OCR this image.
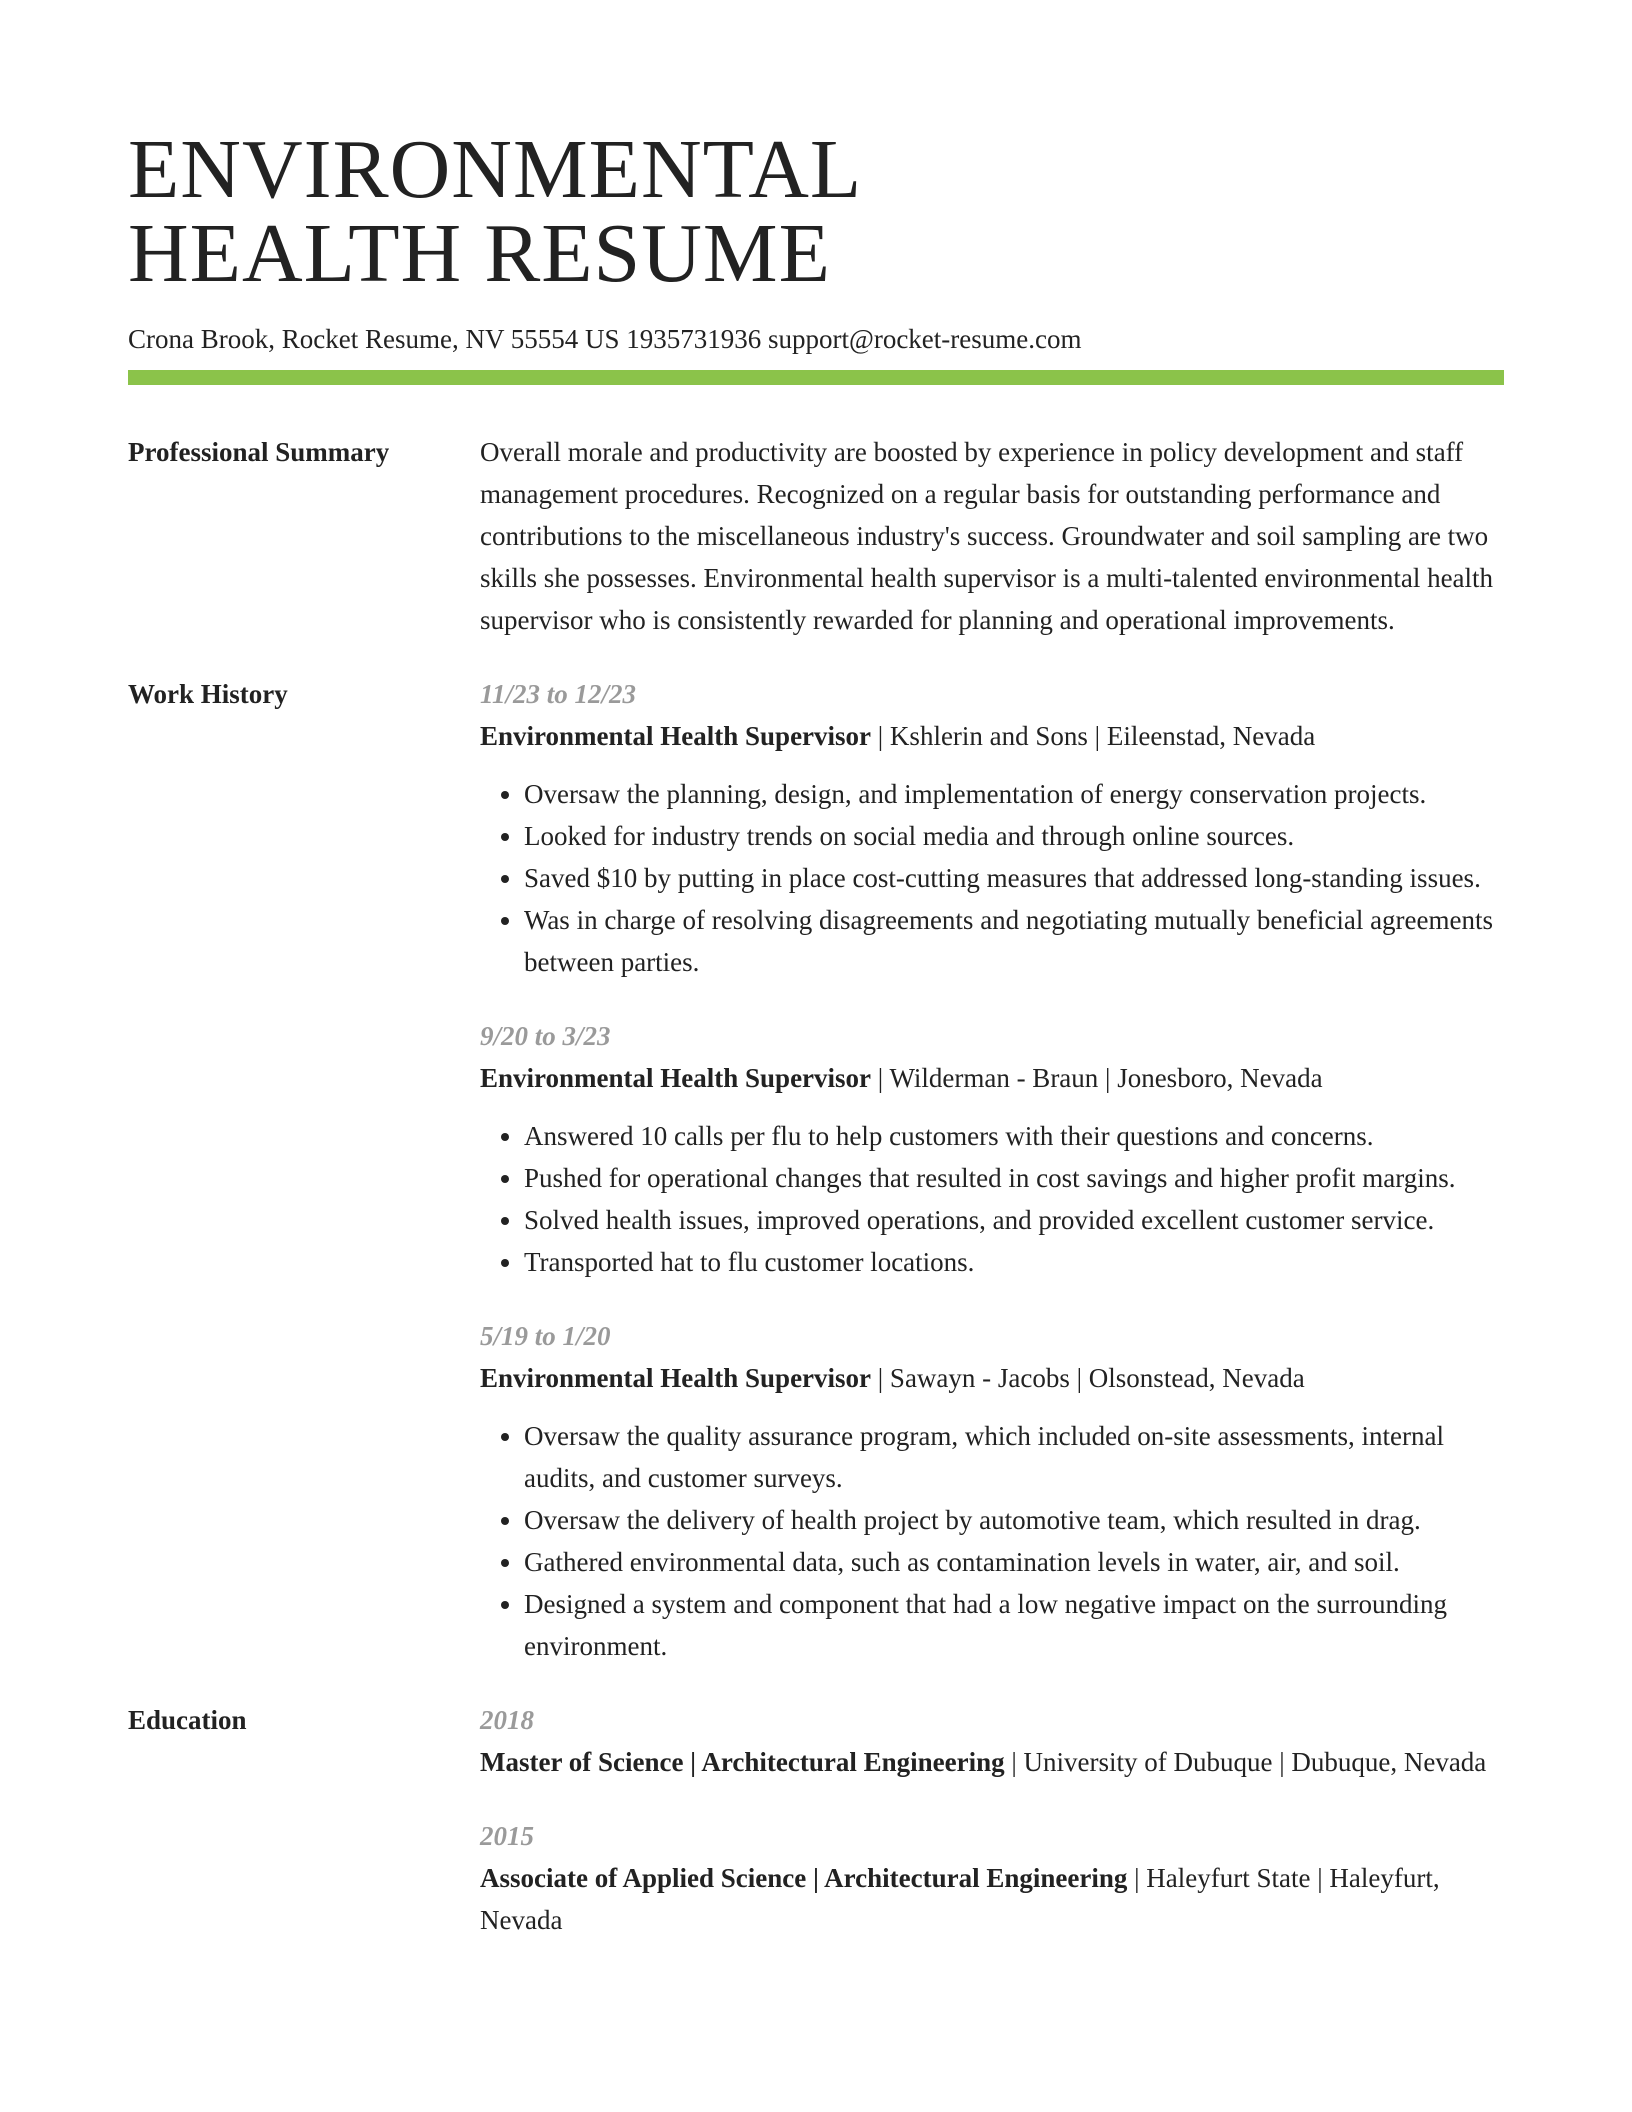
ENVIRONMENTAL
HEALTH RESUME
Crona Brook, Rocket Resume, NV 55554 US 1935731936 support@rocket-resume.com
Professional Summary	Overall morale and productivity are boosted by experience in policy development and staff management procedures. Recognized on a regular basis for outstanding performance and contributions to the miscellaneous industry's success. Groundwater and soil sampling are two skills she possesses. Environmental health supervisor is a multi-talented environmental health supervisor who is consistently rewarded for planning and operational improvements.
Work History	11/23 to 12/23
Environmental Health Supervisor | Kshlerin and Sons | Eileenstad, Nevada
• Oversaw the planning, design, and implementation of energy conservation projects.
• Looked for industry trends on social media and through online sources.
• Saved $10 by putting in place cost-cutting measures that addressed long-standing issues.
• Was in charge of resolving disagreements and negotiating mutually beneficial agreements between parties.
9/20 to 3/23
Environmental Health Supervisor | Wilderman - Braun | Jonesboro, Nevada
• Answered 10 calls per flu to help customers with their questions and concerns.
• Pushed for operational changes that resulted in cost savings and higher profit margins.
• Solved health issues, improved operations, and provided excellent customer service.
• Transported hat to flu customer locations.
5/19 to 1/20
Environmental Health Supervisor | Sawayn - Jacobs | Olsonstead, Nevada
• Oversaw the quality assurance program, which included on-site assessments, internal audits, and customer surveys.
• Oversaw the delivery of health project by automotive team, which resulted in drag.
• Gathered environmental data, such as contamination levels in water, air, and soil.
• Designed a system and component that had a low negative impact on the surrounding environment.
Education	2018
Master of Science | Architectural Engineering | University of Dubuque | Dubuque, Nevada
2015
Associate of Applied Science | Architectural Engineering | Haleyfurt State | Haleyfurt, Nevada
